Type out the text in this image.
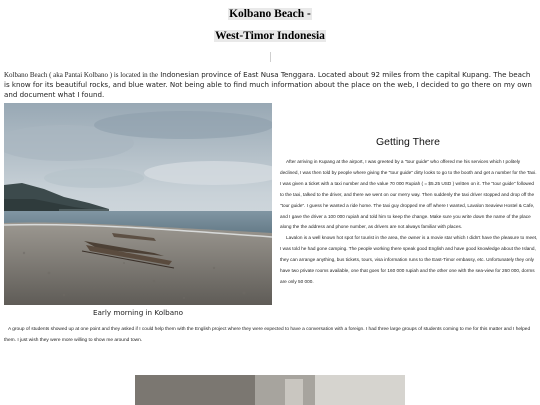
Kolbano Beach -
West-Timor Indonesia
Kolbano Beach ( aka Pantai Kolbano ) is located in the Indonesian province of East Nusa Tenggara. Located about 92 miles from the capital Kupang. The beach is know for its beautiful rocks, and blue water. Not being able to find much information about the place on the web, I decided to go there on my own and document what I found.
Early morning in Kolbano
Getting There

After arriving in Kupang at the airport, I was greeted by a "tour guide" who offered me his services which I politely declined, I was then told by people where giving the "tour guide" dirty looks to go to the booth and get a number for the Taxi. I was given a ticket with a taxi number and the value 70 000 Rupiah ( = $5.25 USD ) written on it. The "tour guide" followed to the taxi, talked to the driver, and there we went on our merry way. Then suddenly the taxi driver stopped and drop off the "tour guide". I guess he wanted a ride home. The taxi guy dropped me off where I wanted, Lavalon Seaview Hostel & Cafe, and I gave the driver a 100 000 rupiah and told him to keep the change. Make sure you write down the name of the place along the the address and phone number, as drivers are not always familiar with places.

Lavalon is a well known hot spot for tourist in the area, the owner is a movie star which I didn't have the pleasure to meet, I was told he had gone camping. The people working there speak good English and have good knowledge about the Island, they can arrange anything, bus tickets, tours, visa information runs to the East-Timor embassy, etc. Unfortunately they only have two private rooms available, one that goes for 160 000 rupiah and the other one with the sea-view for 260 000, dorms are only 50 000.

A group of students showed up at one point and they asked if I could help them with the English project where they were expected to have a conversation with a foreign. I had three large groups of students coming to me for this matter and I helped them. I just wish they were more willing to show me around town.
